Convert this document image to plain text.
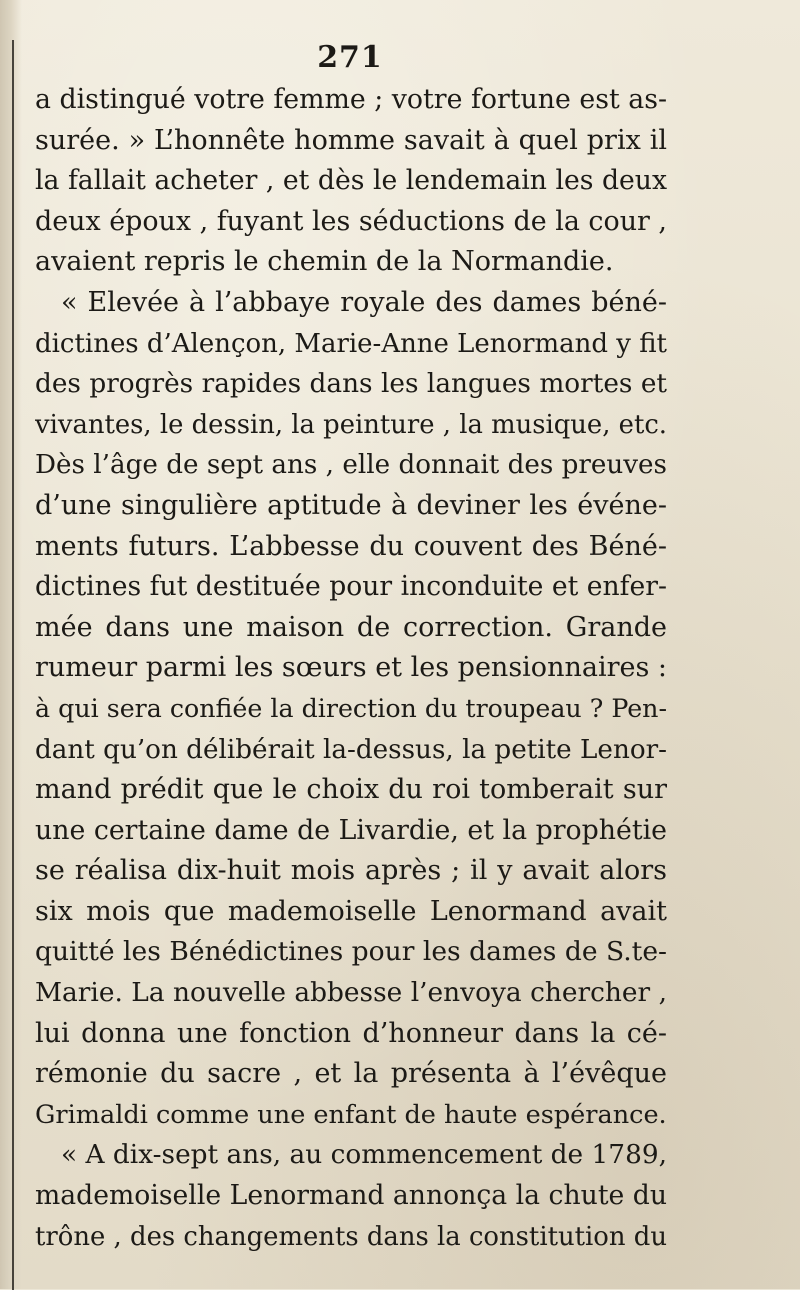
271
a distingué votre femme ; votre fortune est as-
surée. » L’honnête homme savait à quel prix il
la fallait acheter , et dès le lendemain les deux
deux époux , fuyant les séductions de la cour ,
avaient repris le chemin de la Normandie.
« Elevée à l’abbaye royale des dames béné-
dictines d’Alençon, Marie-Anne Lenormand y fit
des progrès rapides dans les langues mortes et
vivantes, le dessin, la peinture , la musique, etc.
Dès l’âge de sept ans , elle donnait des preuves
d’une singulière aptitude à deviner les événe-
ments futurs. L’abbesse du couvent des Béné-
dictines fut destituée pour inconduite et enfer-
mée dans une maison de correction. Grande
rumeur parmi les sœurs et les pensionnaires :
à qui sera confiée la direction du troupeau ? Pen-
dant qu’on délibérait la-dessus, la petite Lenor-
mand prédit que le choix du roi tomberait sur
une certaine dame de Livardie, et la prophétie
se réalisa dix-huit mois après ; il y avait alors
six mois que mademoiselle Lenormand avait
quitté les Bénédictines pour les dames de S.te-
Marie. La nouvelle abbesse l’envoya chercher ,
lui donna une fonction d’honneur dans la cé-
rémonie du sacre , et la présenta à l’évêque
Grimaldi comme une enfant de haute espérance.
« A dix-sept ans, au commencement de 1789,
mademoiselle Lenormand annonça la chute du
trône , des changements dans la constitution du
